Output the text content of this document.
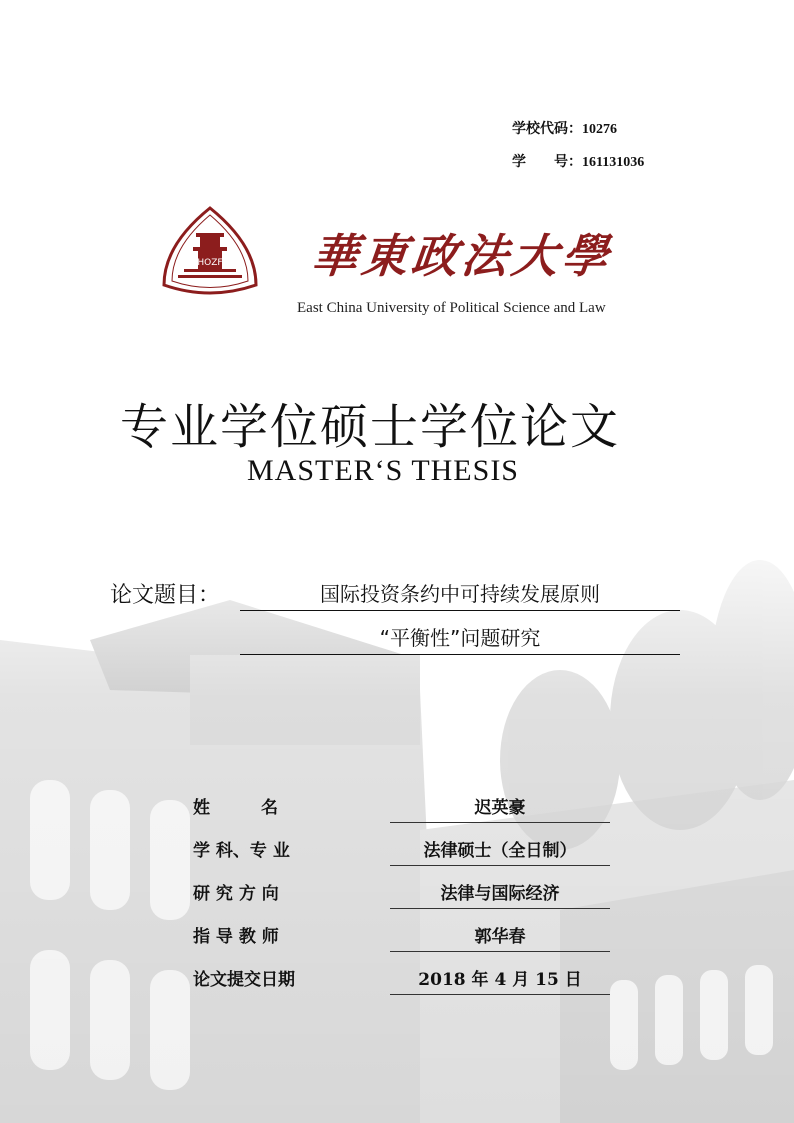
学校代码：10276
学　　号：161131036
HOZF 華東政法大學
East China University of Political Science and Law
专业学位硕士学位论文
MASTER‘S THESIS
论文题目：	国际投资条约中可持续发展原则
“平衡性”问题研究
姓　　　名	迟英豪
学 科、专 业	法律硕士（全日制）
研 究 方 向	法律与国际经济
指 导 教 师	郭华春
论文提交日期	2018 年 4 月 15 日
